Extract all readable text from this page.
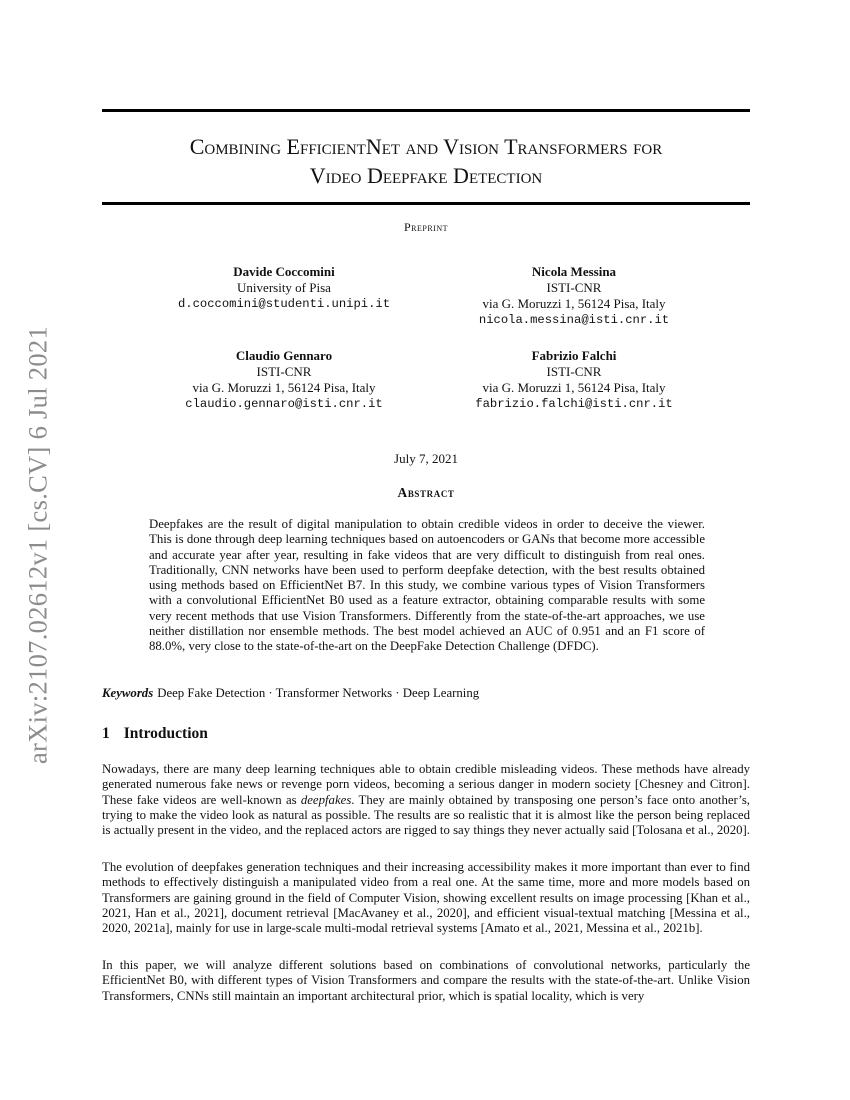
arXiv:2107.02612v1 [cs.CV] 6 Jul 2021
Combining EfficientNet and Vision Transformers for
Video Deepfake Detection
Preprint
Davide Coccomini
University of Pisa
d.coccomini@studenti.unipi.it
Nicola Messina
ISTI-CNR
via G. Moruzzi 1, 56124 Pisa, Italy
nicola.messina@isti.cnr.it
Claudio Gennaro
ISTI-CNR
via G. Moruzzi 1, 56124 Pisa, Italy
claudio.gennaro@isti.cnr.it
Fabrizio Falchi
ISTI-CNR
via G. Moruzzi 1, 56124 Pisa, Italy
fabrizio.falchi@isti.cnr.it
July 7, 2021
Abstract

Deepfakes are the result of digital manipulation to obtain credible videos in order to deceive the viewer. This is done through deep learning techniques based on autoencoders or GANs that become more accessible and accurate year after year, resulting in fake videos that are very difficult to distinguish from real ones. Traditionally, CNN networks have been used to perform deepfake detection, with the best results obtained using methods based on EfficientNet B7. In this study, we combine various types of Vision Transformers with a convolutional EfficientNet B0 used as a feature extractor, obtaining comparable results with some very recent methods that use Vision Transformers. Differently from the state-of-the-art approaches, we use neither distillation nor ensemble methods. The best model achieved an AUC of 0.951 and an F1 score of 88.0%, very close to the state-of-the-art on the DeepFake Detection Challenge (DFDC).

Keywords Deep Fake Detection · Transformer Networks · Deep Learning

1 Introduction

Nowadays, there are many deep learning techniques able to obtain credible misleading videos. These methods have already generated numerous fake news or revenge porn videos, becoming a serious danger in modern society [Chesney and Citron]. These fake videos are well-known as deepfakes. They are mainly obtained by transposing one person’s face onto another’s, trying to make the video look as natural as possible. The results are so realistic that it is almost like the person being replaced is actually present in the video, and the replaced actors are rigged to say things they never actually said [Tolosana et al., 2020].

The evolution of deepfakes generation techniques and their increasing accessibility makes it more important than ever to find methods to effectively distinguish a manipulated video from a real one. At the same time, more and more models based on Transformers are gaining ground in the field of Computer Vision, showing excellent results on image processing [Khan et al., 2021, Han et al., 2021], document retrieval [MacAvaney et al., 2020], and efficient visual-textual matching [Messina et al., 2020, 2021a], mainly for use in large-scale multi-modal retrieval systems [Amato et al., 2021, Messina et al., 2021b].

In this paper, we will analyze different solutions based on combinations of convolutional networks, particularly the EfficientNet B0, with different types of Vision Transformers and compare the results with the state-of-the-art. Unlike Vision Transformers, CNNs still maintain an important architectural prior, which is spatial locality, which is very
